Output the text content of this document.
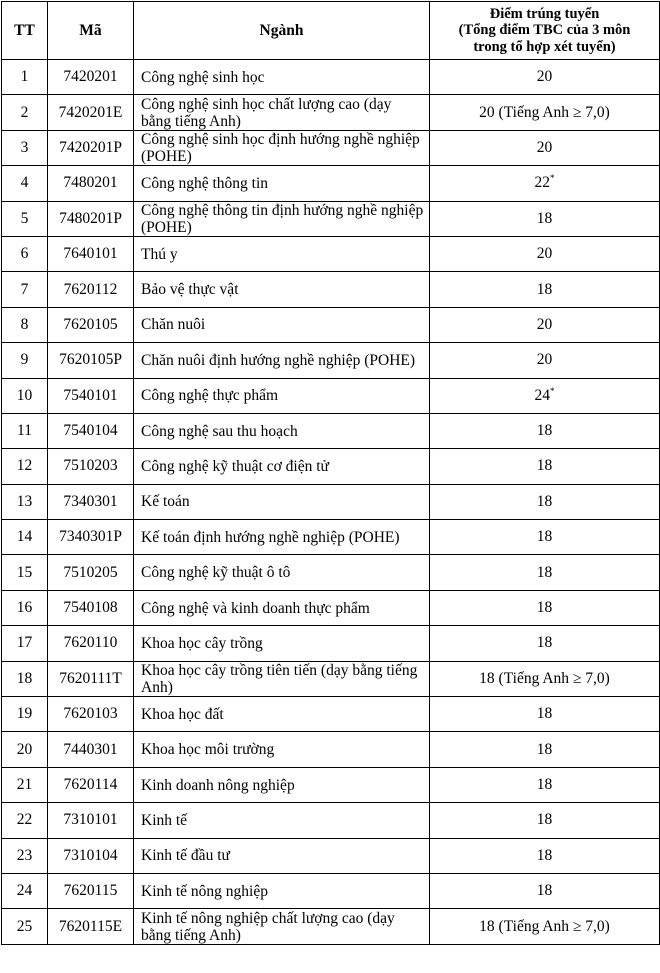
TT	Mã	Ngành	Điểm trúng tuyển
(Tổng điểm TBC của 3 môn
trong tổ hợp xét tuyển)
1	7420201	Công nghệ sinh học	20
2	7420201E	Công nghệ sinh học chất lượng cao (dạy bằng tiếng Anh)	20 (Tiếng Anh ≥ 7,0)
3	7420201P	Công nghệ sinh học định hướng nghề nghiệp (POHE)	20
4	7480201	Công nghệ thông tin	22*
5	7480201P	Công nghệ thông tin định hướng nghề nghiệp (POHE)	18
6	7640101	Thú y	20
7	7620112	Bảo vệ thực vật	18
8	7620105	Chăn nuôi	20
9	7620105P	Chăn nuôi định hướng nghề nghiệp (POHE)	20
10	7540101	Công nghệ thực phẩm	24*
11	7540104	Công nghệ sau thu hoạch	18
12	7510203	Công nghệ kỹ thuật cơ điện tử	18
13	7340301	Kế toán	18
14	7340301P	Kế toán định hướng nghề nghiệp (POHE)	18
15	7510205	Công nghệ kỹ thuật ô tô	18
16	7540108	Công nghệ và kinh doanh thực phẩm	18
17	7620110	Khoa học cây trồng	18
18	7620111T	Khoa học cây trồng tiên tiến (dạy bằng tiếng Anh)	18 (Tiếng Anh ≥ 7,0)
19	7620103	Khoa học đất	18
20	7440301	Khoa học môi trường	18
21	7620114	Kinh doanh nông nghiệp	18
22	7310101	Kinh tế	18
23	7310104	Kinh tế đầu tư	18
24	7620115	Kinh tế nông nghiệp	18
25	7620115E	Kinh tế nông nghiệp chất lượng cao (dạy bằng tiếng Anh)	18 (Tiếng Anh ≥ 7,0)
